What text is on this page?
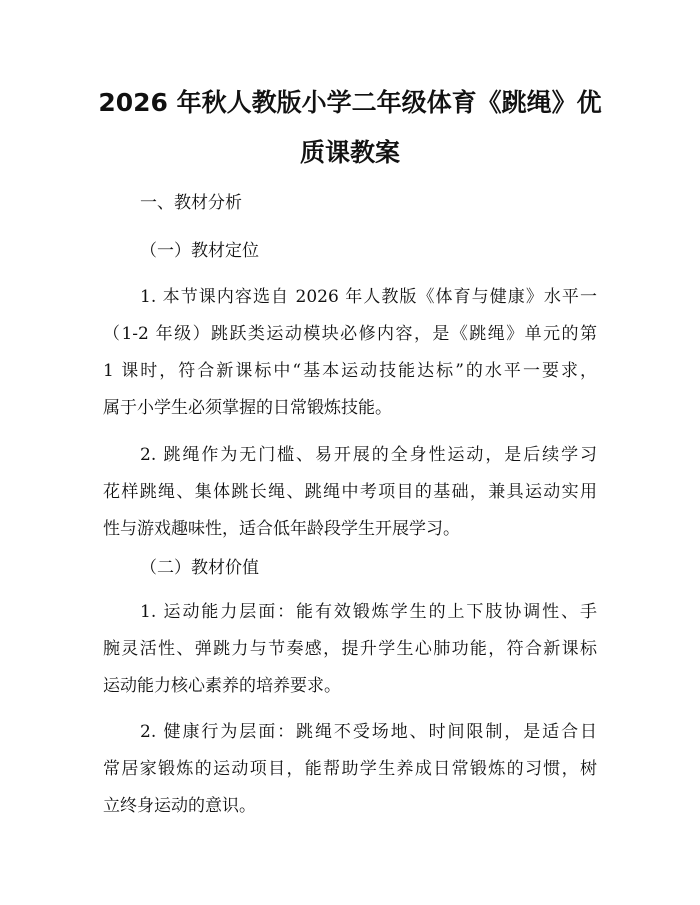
2026 年秋人教版小学二年级体育《跳绳》优
质课教案

一、教材分析

（一）教材定位

1. 本节课内容选自 2026 年人教版《体育与健康》水平一
（1-2 年级）跳跃类运动模块必修内容，是《跳绳》单元的第
1 课时，符合新课标中“基本运动技能达标”的水平一要求，
属于小学生必须掌握的日常锻炼技能。

2. 跳绳作为无门槛、易开展的全身性运动，是后续学习
花样跳绳、集体跳长绳、跳绳中考项目的基础，兼具运动实用
性与游戏趣味性，适合低年龄段学生开展学习。

（二）教材价值

1. 运动能力层面：能有效锻炼学生的上下肢协调性、手
腕灵活性、弹跳力与节奏感，提升学生心肺功能，符合新课标
运动能力核心素养的培养要求。

2. 健康行为层面：跳绳不受场地、时间限制，是适合日
常居家锻炼的运动项目，能帮助学生养成日常锻炼的习惯，树
立终身运动的意识。
